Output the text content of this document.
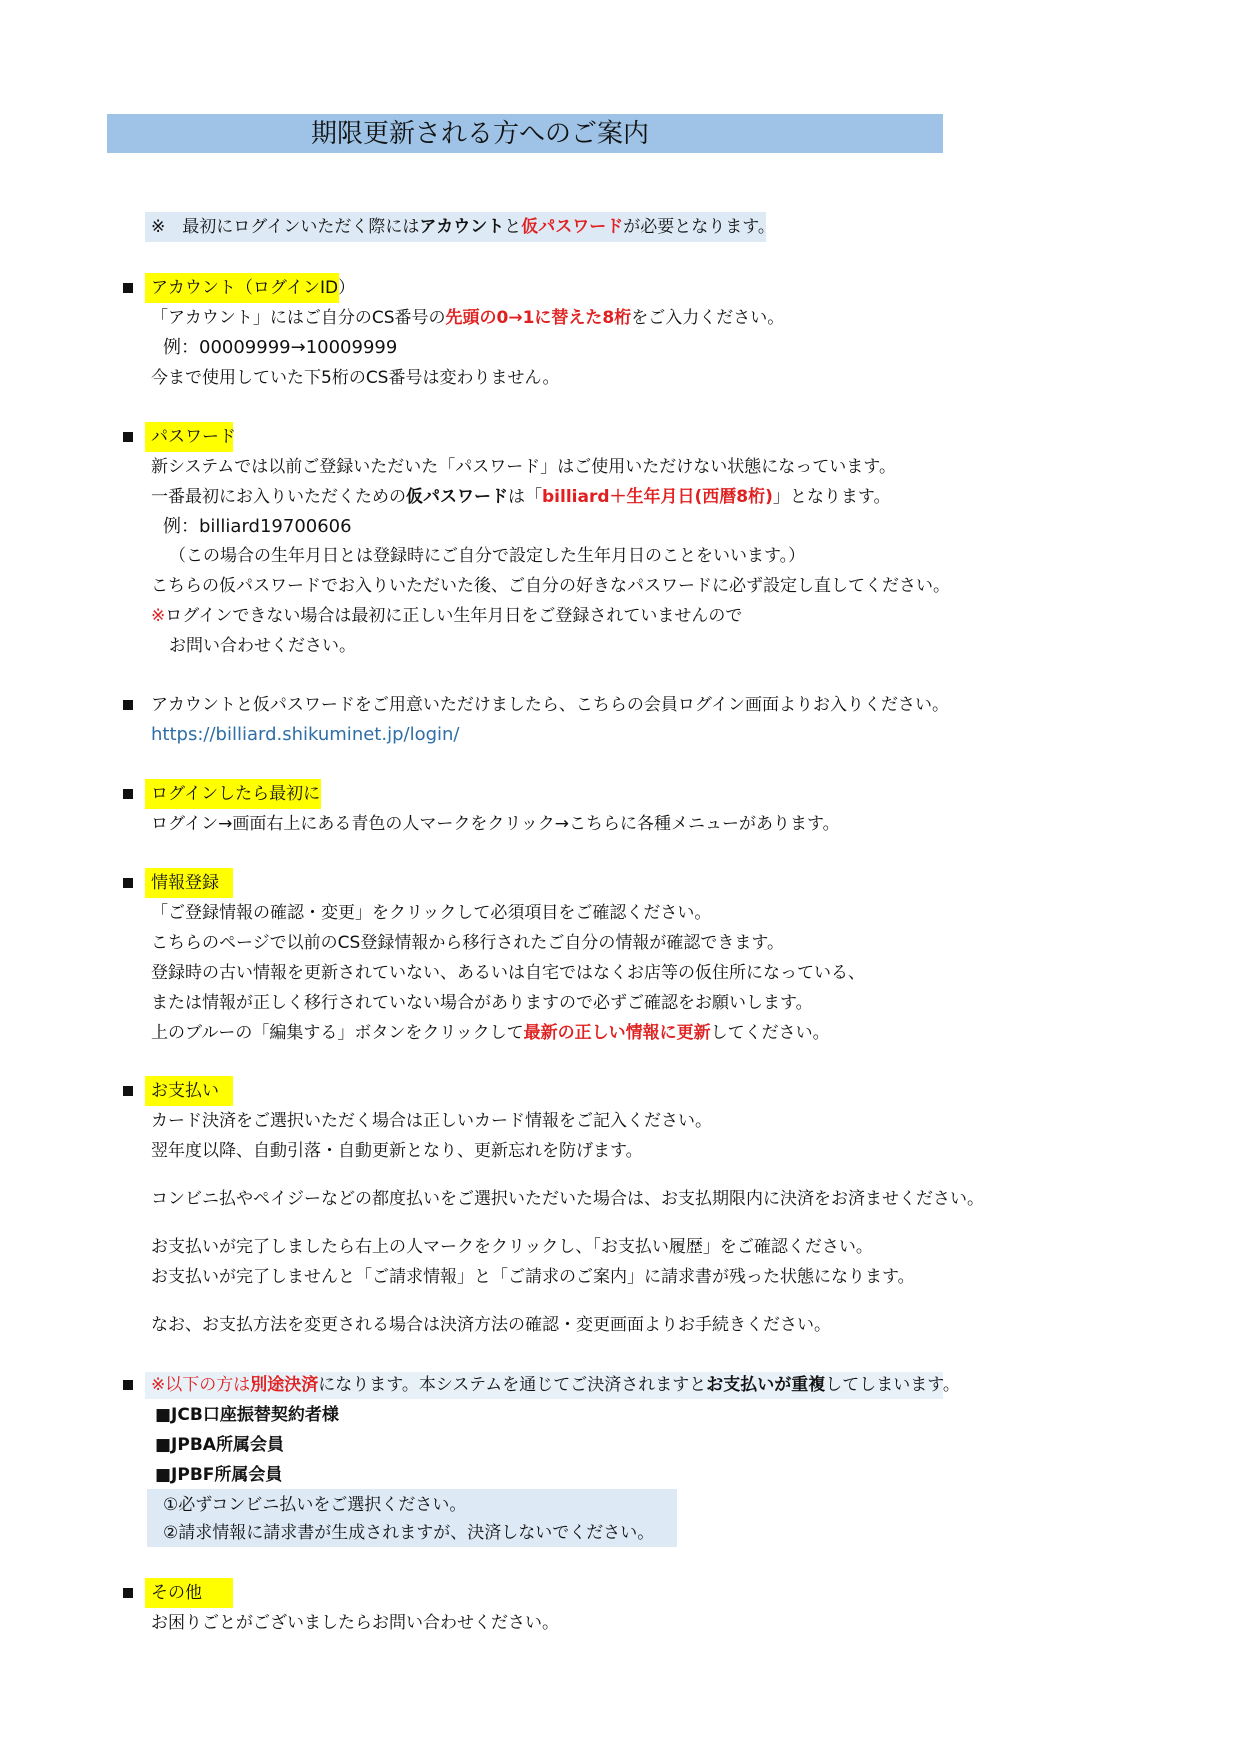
期限更新される方へのご案内
※　最初にログインいただく際にはアカウントと仮パスワードが必要となります。
アカウント（ログインID）
「アカウント」にはご自分のCS番号の先頭の0→1に替えた8桁をご入力ください。
例：00009999→10009999
今まで使用していた下5桁のCS番号は変わりません。
パスワード
新システムでは以前ご登録いただいた「パスワード」はご使用いただけない状態になっています。
一番最初にお入りいただくための仮パスワードは「billiard＋生年月日(西暦8桁)」となります。
例：billiard19700606
（この場合の生年月日とは登録時にご自分で設定した生年月日のことをいいます。）
こちらの仮パスワードでお入りいただいた後、ご自分の好きなパスワードに必ず設定し直してください。
※ログインできない場合は最初に正しい生年月日をご登録されていませんので
お問い合わせください。
アカウントと仮パスワードをご用意いただけましたら、こちらの会員ログイン画面よりお入りください。
https://billiard.shikuminet.jp/login/
ログインしたら最初に
ログイン→画面右上にある青色の人マークをクリック→こちらに各種メニューがあります。
情報登録
「ご登録情報の確認・変更」をクリックして必須項目をご確認ください。
こちらのページで以前のCS登録情報から移行されたご自分の情報が確認できます。
登録時の古い情報を更新されていない、あるいは自宅ではなくお店等の仮住所になっている、
または情報が正しく移行されていない場合がありますので必ずご確認をお願いします。
上のブルーの「編集する」ボタンをクリックして最新の正しい情報に更新してください。
お支払い
カード決済をご選択いただく場合は正しいカード情報をご記入ください。
翌年度以降、自動引落・自動更新となり、更新忘れを防げます。
コンビニ払やペイジーなどの都度払いをご選択いただいた場合は、お支払期限内に決済をお済ませください。
お支払いが完了しましたら右上の人マークをクリックし、「お支払い履歴」をご確認ください。
お支払いが完了しませんと「ご請求情報」と「ご請求のご案内」に請求書が残った状態になります。
なお、お支払方法を変更される場合は決済方法の確認・変更画面よりお手続きください。
※以下の方は別途決済になります。本システムを通じてご決済されますとお支払いが重複してしまいます。
■JCB口座振替契約者様
■JPBA所属会員
■JPBF所属会員
①必ずコンビニ払いをご選択ください。
②請求情報に請求書が生成されますが、決済しないでください。
その他
お困りごとがございましたらお問い合わせください。
